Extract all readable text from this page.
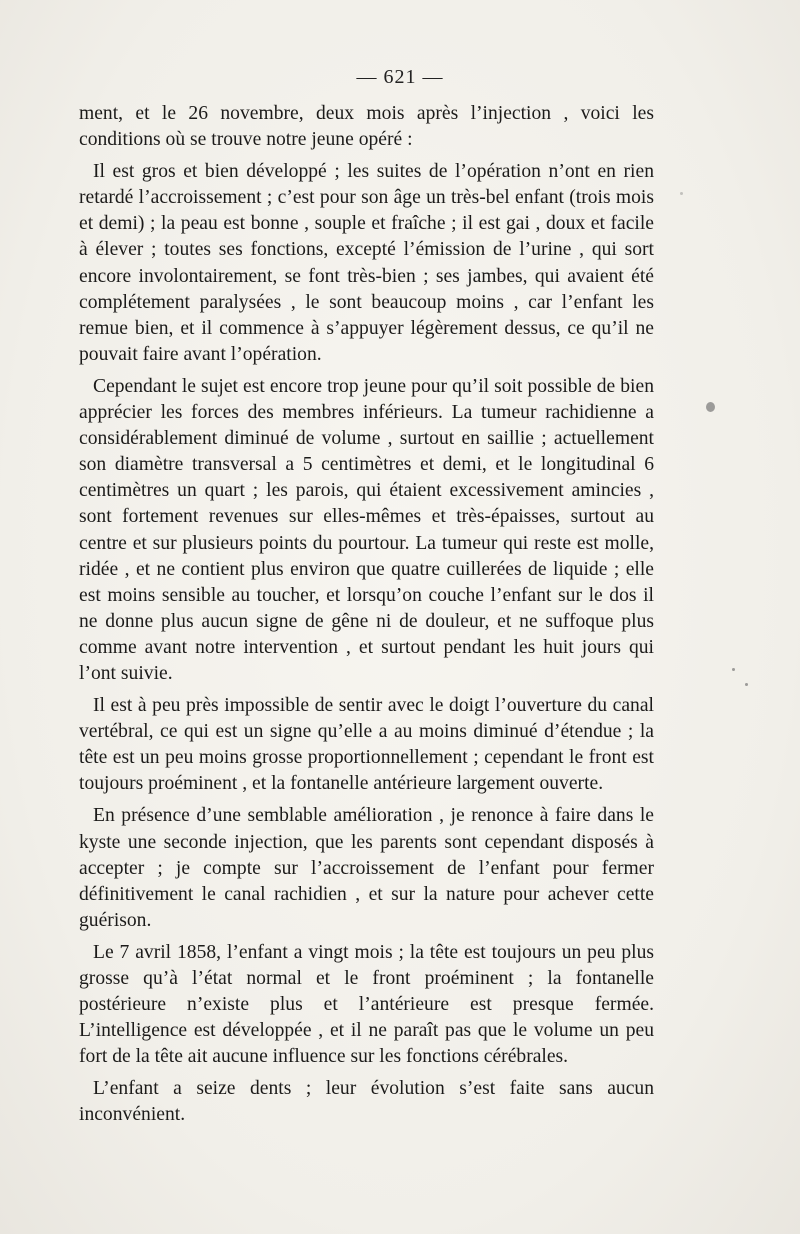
— 621 —

ment, et le 26 novembre, deux mois après l’injection , voici les conditions où se trouve notre jeune opéré :

Il est gros et bien développé ; les suites de l’opération n’ont en rien retardé l’accroissement ; c’est pour son âge un très-bel enfant (trois mois et demi) ; la peau est bonne , souple et fraîche ; il est gai , doux et facile à élever ; toutes ses fonctions, excepté l’émission de l’urine , qui sort encore involontairement, se font très-bien ; ses jambes, qui avaient été complétement paralysées , le sont beaucoup moins , car l’enfant les remue bien, et il commence à s’appuyer légèrement dessus, ce qu’il ne pouvait faire avant l’opération.

Cependant le sujet est encore trop jeune pour qu’il soit possible de bien apprécier les forces des membres inférieurs. La tumeur rachidienne a considérablement diminué de volume , surtout en saillie ; actuellement son diamètre transversal a 5 centimètres et demi, et le longitudinal 6 centimètres un quart ; les parois, qui étaient excessivement amincies , sont fortement revenues sur elles-mêmes et très-épaisses, surtout au centre et sur plusieurs points du pourtour. La tumeur qui reste est molle, ridée , et ne contient plus environ que quatre cuillerées de liquide ; elle est moins sensible au toucher, et lorsqu’on couche l’enfant sur le dos il ne donne plus aucun signe de gêne ni de douleur, et ne suffoque plus comme avant notre intervention , et surtout pendant les huit jours qui l’ont suivie.

Il est à peu près impossible de sentir avec le doigt l’ouverture du canal vertébral, ce qui est un signe qu’elle a au moins diminué d’étendue ; la tête est un peu moins grosse proportionnellement ; cependant le front est toujours proéminent , et la fontanelle antérieure largement ouverte.

En présence d’une semblable amélioration , je renonce à faire dans le kyste une seconde injection, que les parents sont cependant disposés à accepter ; je compte sur l’accroissement de l’enfant pour fermer définitivement le canal rachidien , et sur la nature pour achever cette guérison.

Le 7 avril 1858, l’enfant a vingt mois ; la tête est toujours un peu plus grosse qu’à l’état normal et le front proéminent ; la fontanelle postérieure n’existe plus et l’antérieure est presque fermée. L’intelligence est développée , et il ne paraît pas que le volume un peu fort de la tête ait aucune influence sur les fonctions cérébrales.

L’enfant a seize dents ; leur évolution s’est faite sans aucun inconvénient.
